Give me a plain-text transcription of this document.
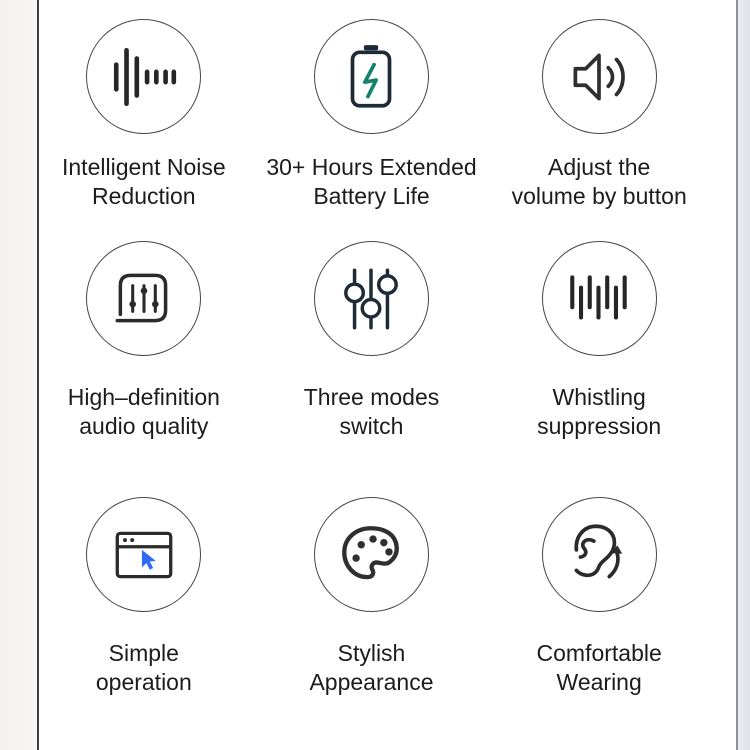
Intelligent Noise
Reduction
30+ Hours Extended
Battery Life
Adjust the
volume by button
High–definition
audio quality
Three modes
switch
Whistling
suppression
Simple
operation
Stylish
Appearance
Comfortable
Wearing
